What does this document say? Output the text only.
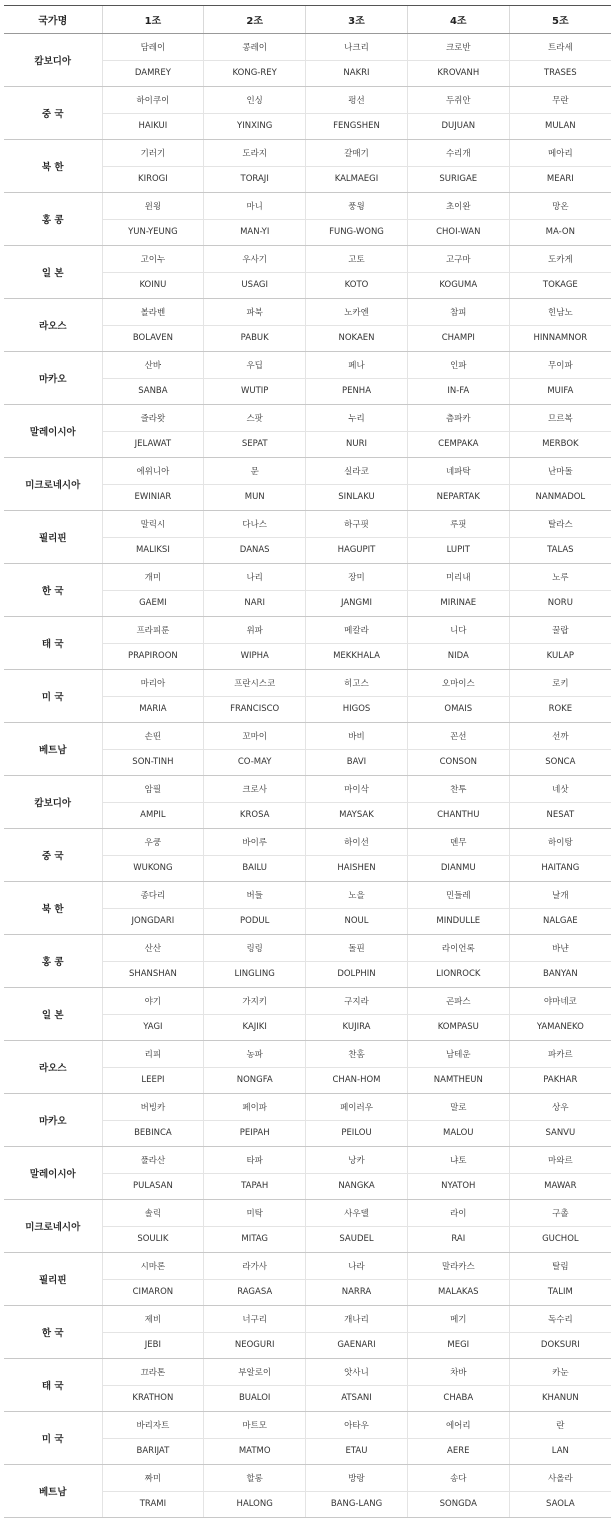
국가명	1조	2조	3조	4조	5조
캄보디아	담레이	콩레이	나크리	크로반	트라세
	DAMREY	KONG-REY	NAKRI	KROVANH	TRASES
중 국	하이쿠이	인싱	펑선	두쥐안	무란
	HAIKUI	YINXING	FENGSHEN	DUJUAN	MULAN
북 한	기러기	도라지	갈매기	수리개	메아리
	KIROGI	TORAJI	KALMAEGI	SURIGAE	MEARI
홍 콩	윈욍	마니	풍윙	초이완	망온
	YUN-YEUNG	MAN-YI	FUNG-WONG	CHOI-WAN	MA-ON
일 본	고이누	우사기	고토	고구마	도카게
	KOINU	USAGI	KOTO	KOGUMA	TOKAGE
라오스	볼라벤	파북	노카엔	참피	힌남노
	BOLAVEN	PABUK	NOKAEN	CHAMPI	HINNAMNOR
마카오	산바	우딥	페나	인파	무이파
	SANBA	WUTIP	PENHA	IN-FA	MUIFA
말레이시아	즐라왓	스팟	누리	츰파카	므르복
	JELAWAT	SEPAT	NURI	CEMPAKA	MERBOK
미크로네시아	에위니아	문	실라코	네파탁	난마돌
	EWINIAR	MUN	SINLAKU	NEPARTAK	NANMADOL
필리핀	말릭시	다나스	하구핏	루핏	탈라스
	MALIKSI	DANAS	HAGUPIT	LUPIT	TALAS
한 국	개미	나리	장미	미리내	노루
	GAEMI	NARI	JANGMI	MIRINAE	NORU
태 국	프라피룬	위파	메칼라	니다	꿀랍
	PRAPIROON	WIPHA	MEKKHALA	NIDA	KULAP
미 국	마리아	프란시스코	히고스	오마이스	로키
	MARIA	FRANCISCO	HIGOS	OMAIS	ROKE
베트남	손띤	꼬마이	바비	꼰선	선까
	SON-TINH	CO-MAY	BAVI	CONSON	SONCA
캄보디아	암필	크로사	마이삭	찬투	네삿
	AMPIL	KROSA	MAYSAK	CHANTHU	NESAT
중 국	우쿵	바이루	하이선	뎬무	하이탕
	WUKONG	BAILU	HAISHEN	DIANMU	HAITANG
북 한	종다리	버들	노을	민들레	날개
	JONGDARI	PODUL	NOUL	MINDULLE	NALGAE
홍 콩	산산	링링	돌핀	라이언록	바냔
	SHANSHAN	LINGLING	DOLPHIN	LIONROCK	BANYAN
일 본	야기	가지키	구지라	곤파스	야마네코
	YAGI	KAJIKI	KUJIRA	KOMPASU	YAMANEKO
라오스	리피	농파	찬홈	남테운	파카르
	LEEPI	NONGFA	CHAN-HOM	NAMTHEUN	PAKHAR
마카오	버빙카	페이파	페이러우	말로	상우
	BEBINCA	PEIPAH	PEILOU	MALOU	SANVU
말레이시아	풀라산	타파	낭카	냐토	마와르
	PULASAN	TAPAH	NANGKA	NYATOH	MAWAR
미크로네시아	솔릭	미탁	사우델	라이	구촐
	SOULIK	MITAG	SAUDEL	RAI	GUCHOL
필리핀	시마론	라가사	나라	말라카스	탈림
	CIMARON	RAGASA	NARRA	MALAKAS	TALIM
한 국	제비	너구리	개나리	메기	독수리
	JEBI	NEOGURI	GAENARI	MEGI	DOKSURI
태 국	끄라톤	부알로이	앗사니	차바	카눈
	KRATHON	BUALOI	ATSANI	CHABA	KHANUN
미 국	바리자트	마트모	아타우	에어리	란
	BARIJAT	MATMO	ETAU	AERE	LAN
베트남	짜미	할롱	방랑	송다	사올라
	TRAMI	HALONG	BANG-LANG	SONGDA	SAOLA
